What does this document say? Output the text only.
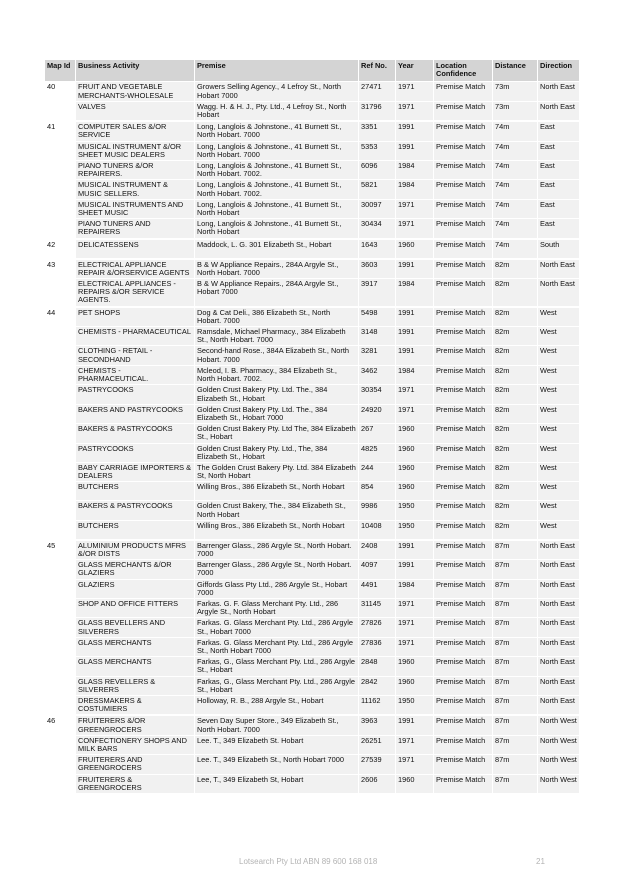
Map Id	Business Activity	Premise	Ref No.	Year	Location Confidence	Distance	Direction
40	FRUIT AND VEGETABLE MERCHANTS-WHOLESALE	Growers Selling Agency., 4 Lefroy St., North Hobart 7000	27471	1971	Premise Match	73m	North East
	VALVES	Wagg. H. & H. J., Pty. Ltd., 4 Lefroy St., North Hobart	31796	1971	Premise Match	73m	North East
41	COMPUTER SALES &/OR SERVICE	Long, Langlois & Johnstone., 41 Burnett St., North Hobart. 7000	3351	1991	Premise Match	74m	East
	MUSICAL INSTRUMENT &/OR SHEET MUSIC DEALERS	Long, Langlois & Johnstone., 41 Burnett St., North Hobart. 7000	5353	1991	Premise Match	74m	East
	PIANO TUNERS &/OR REPAIRERS.	Long, Langlois & Johnstone., 41 Burnett St., North Hobart. 7002.	6096	1984	Premise Match	74m	East
	MUSICAL INSTRUMENT & MUSIC SELLERS.	Long, Langlois & Johnstone., 41 Burnett St., North Hobart. 7002.	5821	1984	Premise Match	74m	East
	MUSICAL INSTRUMENTS AND SHEET MUSIC	Long, Langlois & Johnstone., 41 Burnett St., North Hobart	30097	1971	Premise Match	74m	East
	PIANO TUNERS AND REPAIRERS	Long, Langlois & Johnstone., 41 Burnett St., North Hobart	30434	1971	Premise Match	74m	East
42	DELICATESSENS	Maddock, L. G. 301 Elizabeth St., Hobart	1643	1960	Premise Match	74m	South
43	ELECTRICAL APPLIANCE REPAIR &/ORSERVICE AGENTS	B & W Appliance Repairs., 284A Argyle St., North Hobart. 7000	3603	1991	Premise Match	82m	North East
	ELECTRICAL APPLIANCES - REPAIRS &/OR SERVICE AGENTS.	B & W Appliance Repairs., 284A Argyle St., Hobart 7000	3917	1984	Premise Match	82m	North East
44	PET SHOPS	Dog & Cat Deli., 386 Elizabeth St., North Hobart. 7000	5498	1991	Premise Match	82m	West
	CHEMISTS - PHARMACEUTICAL	Ramsdale, Michael Pharmacy., 384 Elizabeth St., North Hobart. 7000	3148	1991	Premise Match	82m	West
	CLOTHING - RETAIL - SECONDHAND	Second-hand Rose., 384A Elizabeth St., North Hobart. 7000	3281	1991	Premise Match	82m	West
	CHEMISTS - PHARMACEUTICAL.	Mcleod, I. B. Pharmacy., 384 Elizabeth St., North Hobart. 7002.	3462	1984	Premise Match	82m	West
	PASTRYCOOKS	Golden Crust Bakery Pty. Ltd. The., 384 Elizabeth St., Hobart	30354	1971	Premise Match	82m	West
	BAKERS AND PASTRYCOOKS	Golden Crust Bakery Pty. Ltd. The., 384 Elizabeth St., Hobart 7000	24920	1971	Premise Match	82m	West
	BAKERS & PASTRYCOOKS	Golden Crust Bakery Pty. Ltd The, 384 Elizabeth St., Hobart	267	1960	Premise Match	82m	West
	PASTRYCOOKS	Golden Crust Bakery Pty. Ltd., The, 384 Elizabeth St., Hobart	4825	1960	Premise Match	82m	West
	BABY CARRIAGE IMPORTERS & DEALERS	The Golden Crust Bakery Pty. Ltd. 384 Elizabeth St, North Hobart	244	1960	Premise Match	82m	West
	BUTCHERS	Willing Bros., 386 Elizabeth St., North Hobart	854	1960	Premise Match	82m	West
	BAKERS & PASTRYCOOKS	Golden Crust Bakery, The., 384 Elizabeth St., North Hobart	9986	1950	Premise Match	82m	West
	BUTCHERS	Willing Bros., 386 Elizabeth St., North Hobart	10408	1950	Premise Match	82m	West
45	ALUMINIUM PRODUCTS MFRS &/OR DISTS	Barrenger Glass., 286 Argyle St., North Hobart. 7000	2408	1991	Premise Match	87m	North East
	GLASS MERCHANTS &/OR GLAZIERS	Barrenger Glass., 286 Argyle St., North Hobart. 7000	4097	1991	Premise Match	87m	North East
	GLAZIERS	Giffords Glass Pty Ltd., 286 Argyle St., Hobart 7000	4491	1984	Premise Match	87m	North East
	SHOP AND OFFICE FITTERS	Farkas. G. F. Glass Merchant Pty. Ltd., 286 Argyle St., North Hobart	31145	1971	Premise Match	87m	North East
	GLASS BEVELLERS AND SILVERERS	Farkas. G. Glass Merchant Pty. Ltd., 286 Argyle St., Hobart 7000	27826	1971	Premise Match	87m	North East
	GLASS MERCHANTS	Farkas. G. Glass Merchant Pty. Ltd., 286 Argyle St., North Hobart 7000	27836	1971	Premise Match	87m	North East
	GLASS MERCHANTS	Farkas, G., Glass Merchant Pty. Ltd., 286 Argyle St., Hobart	2848	1960	Premise Match	87m	North East
	GLASS REVELLERS & SILVERERS	Farkas, G., Glass Merchant Pty. Ltd., 286 Argyle St., Hobart	2842	1960	Premise Match	87m	North East
	DRESSMAKERS & COSTUMIERS	Holloway, R. B., 288 Argyle St., Hobart	11162	1950	Premise Match	87m	North East
46	FRUITERERS &/OR GREENGROCERS	Seven Day Super Store., 349 Elizabeth St., North Hobart. 7000	3963	1991	Premise Match	87m	North West
	CONFECTIONERY SHOPS AND MILK BARS	Lee. T., 349 Elizabeth St. Hobart	26251	1971	Premise Match	87m	North West
	FRUITERERS AND GREENGROCERS	Lee. T., 349 Elizabeth St., North Hobart 7000	27539	1971	Premise Match	87m	North West
	FRUITERERS & GREENGROCERS	Lee, T., 349 Elizabeth St, Hobart	2606	1960	Premise Match	87m	North West
Lotsearch Pty Ltd ABN 89 600 168 018	21
